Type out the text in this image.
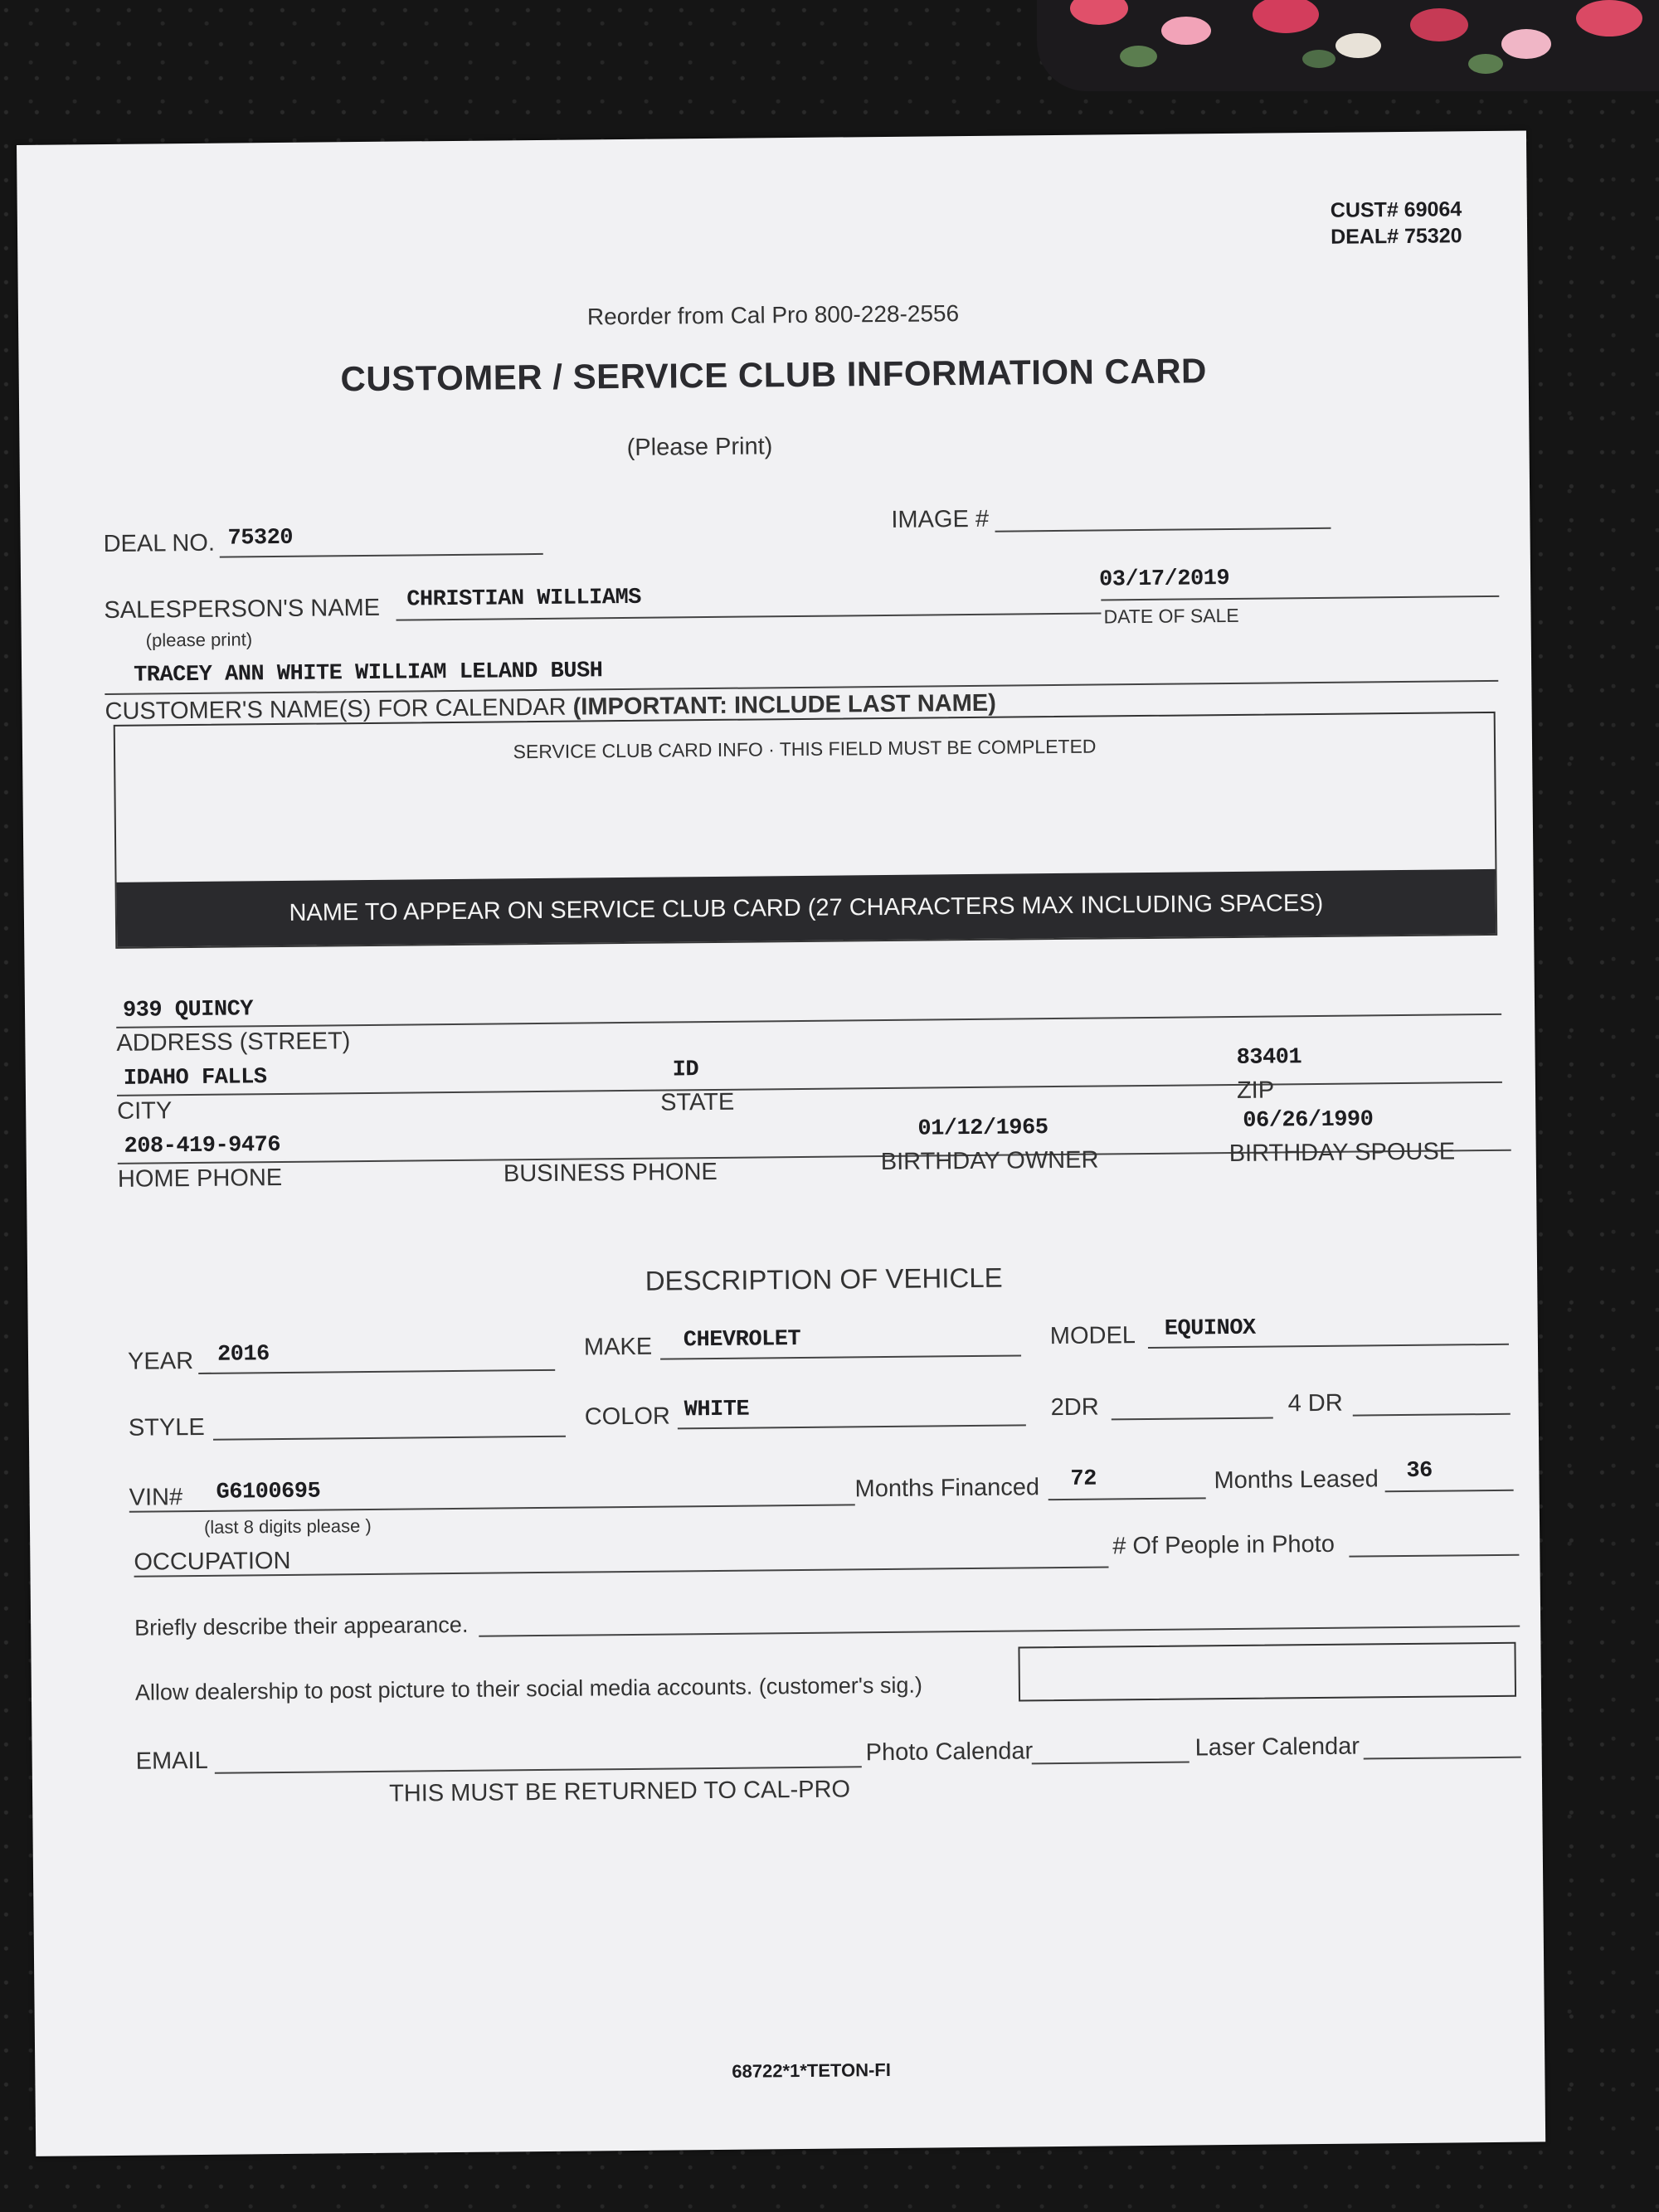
CUST# 69064
DEAL# 75320
Reorder from Cal Pro 800-228-2556
CUSTOMER / SERVICE CLUB INFORMATION CARD
(Please Print)
DEAL NO. 75320
IMAGE #
SALESPERSON'S NAME CHRISTIAN WILLIAMS
(please print)
03/17/2019
DATE OF SALE
TRACEY ANN WHITE WILLIAM LELAND BUSH
CUSTOMER'S NAME(S) FOR CALENDAR (IMPORTANT: INCLUDE LAST NAME)
SERVICE CLUB CARD INFO · THIS FIELD MUST BE COMPLETED
NAME TO APPEAR ON SERVICE CLUB CARD (27 CHARACTERS MAX INCLUDING SPACES)
939 QUINCY
ADDRESS (STREET)
IDAHO FALLS
CITY
ID
STATE
83401
ZIP
208-419-9476
HOME PHONE	BUSINESS PHONE
01/12/1965
BIRTHDAY OWNER
06/26/1990
BIRTHDAY SPOUSE
DESCRIPTION OF VEHICLE
YEAR 2016	MAKE CHEVROLET	MODEL EQUINOX
STYLE	COLOR WHITE	2DR	4 DR
VIN# G6100695
(last 8 digits please )
Months Financed 72	Months Leased 36
OCCUPATION
# Of People in Photo
Briefly describe their appearance.
Allow dealership to post picture to their social media accounts. (customer's sig.)
EMAIL	Photo Calendar	Laser Calendar
THIS MUST BE RETURNED TO CAL-PRO
68722*1*TETON-FI
